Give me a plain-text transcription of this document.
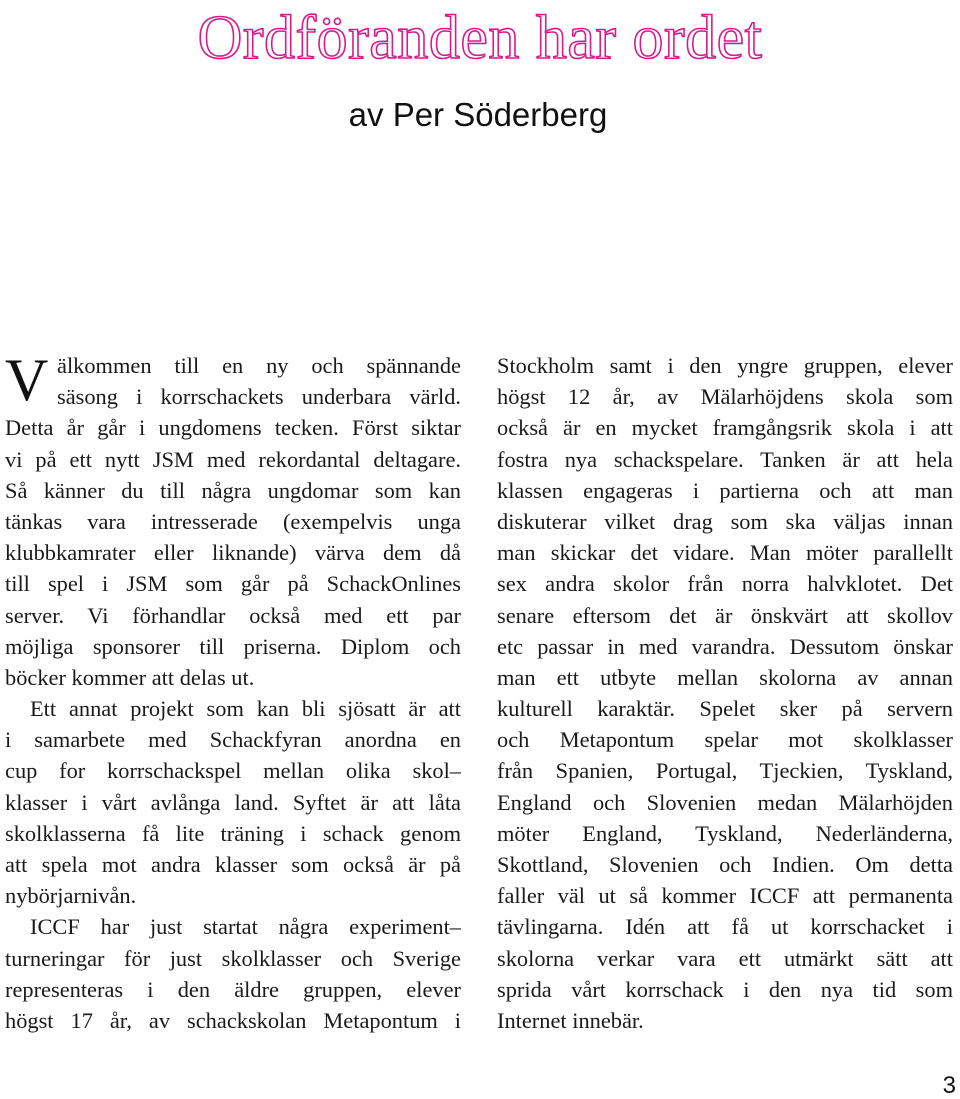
Ordföranden har ordet

av Per Söderberg

V älkommen till en ny och spännande
säsong i korrschackets underbara värld.
Detta år går i ungdomens tecken. Först siktar
vi på ett nytt JSM med rekordantal deltagare.
Så känner du till några ungdomar som kan
tänkas vara intresserade (exempelvis unga
klubbkamrater eller liknande) värva dem då
till spel i JSM som går på SchackOnlines
server. Vi förhandlar också med ett par
möjliga sponsorer till priserna. Diplom och
böcker kommer att delas ut.
Ett annat projekt som kan bli sjösatt är att
i samarbete med Schackfyran anordna en
cup for korrschackspel mellan olika skol–
klasser i vårt avlånga land. Syftet är att låta
skolklasserna få lite träning i schack genom
att spela mot andra klasser som också är på
nybörjarnivån.
ICCF har just startat några experiment–
turneringar för just skolklasser och Sverige
representeras i den äldre gruppen, elever
högst 17 år, av schackskolan Metapontum i
Stockholm samt i den yngre gruppen, elever
högst 12 år, av Mälarhöjdens skola som
också är en mycket framgångsrik skola i att
fostra nya schackspelare. Tanken är att hela
klassen engageras i partierna och att man
diskuterar vilket drag som ska väljas innan
man skickar det vidare. Man möter parallellt
sex andra skolor från norra halvklotet. Det
senare eftersom det är önskvärt att skollov
etc passar in med varandra. Dessutom önskar
man ett utbyte mellan skolorna av annan
kulturell karaktär. Spelet sker på servern
och Metapontum spelar mot skolklasser
från Spanien, Portugal, Tjeckien, Tyskland,
England och Slovenien medan Mälarhöjden
möter England, Tyskland, Nederländerna,
Skottland, Slovenien och Indien. Om detta
faller väl ut så kommer ICCF att permanenta
tävlingarna. Idén att få ut korrschacket i
skolorna verkar vara ett utmärkt sätt att
sprida vårt korrschack i den nya tid som
Internet innebär.
3
